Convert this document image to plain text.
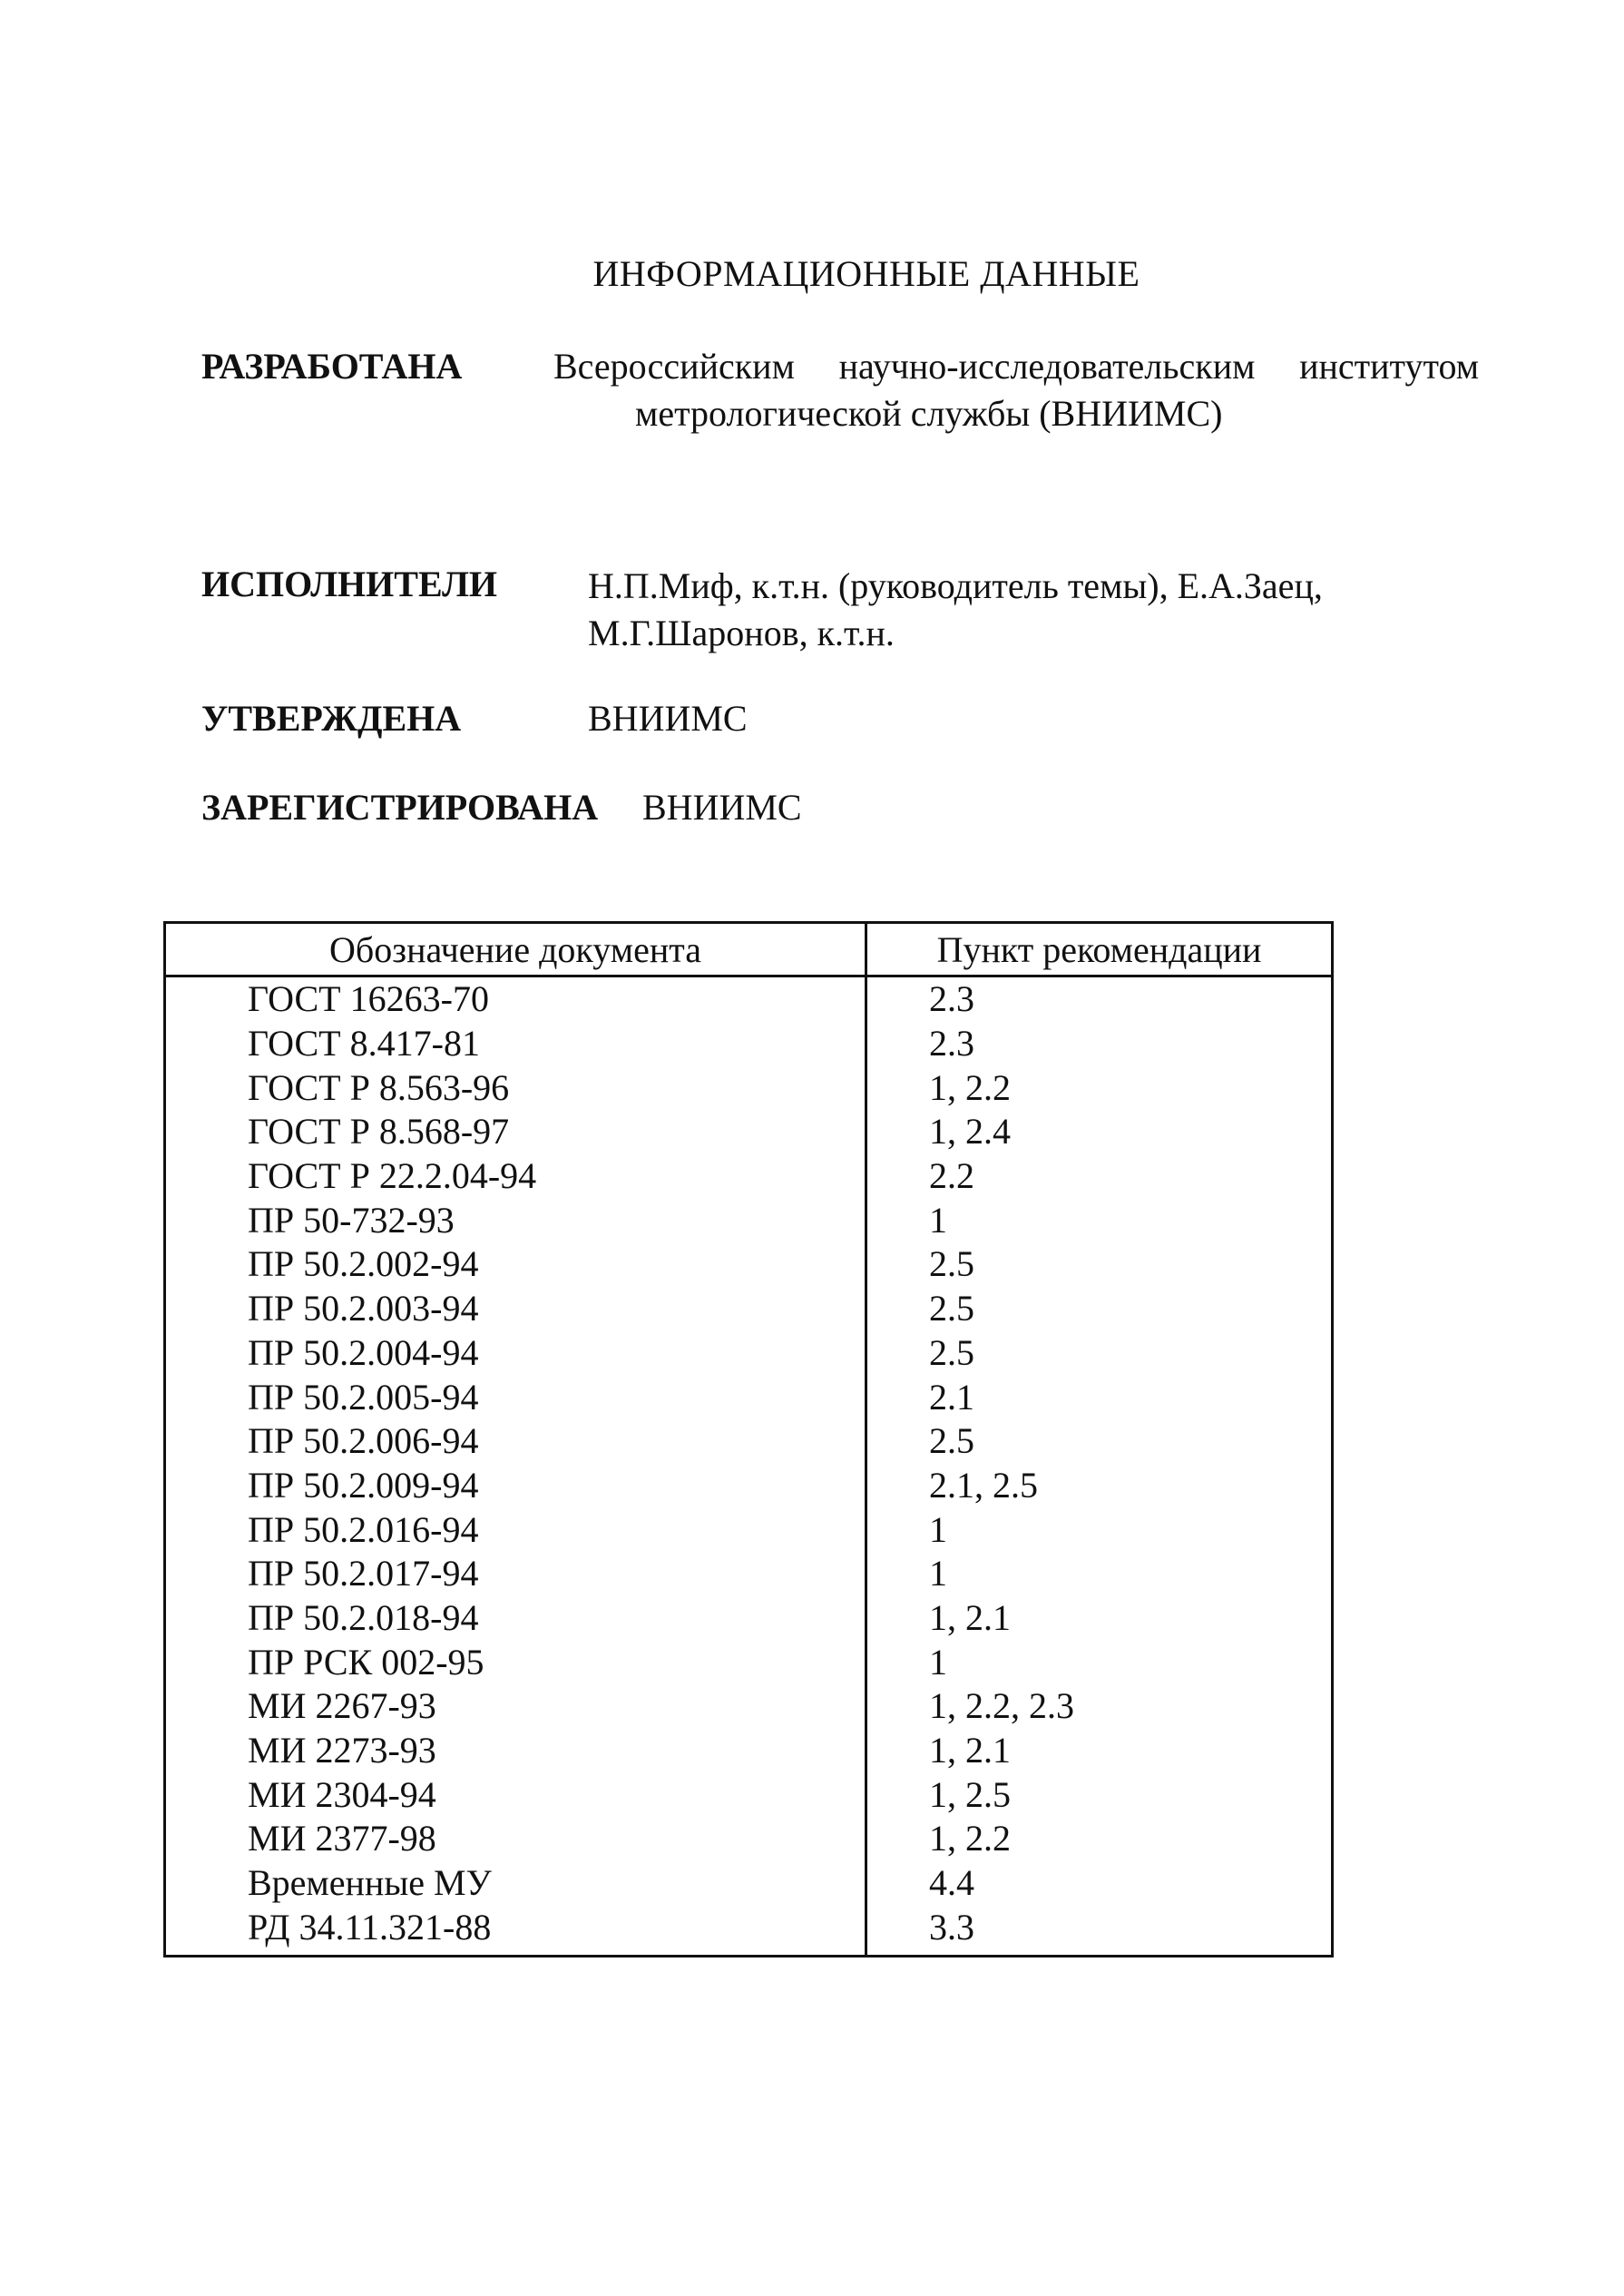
ИНФОРМАЦИОННЫЕ ДАННЫЕ
РАЗРАБОТАНА	Всероссийским научно-исследовательским институтом
метрологической службы (ВНИИМС)
ИСПОЛНИТЕЛИ Н.П.Миф, к.т.н. (руководитель темы), Е.А.Заец,
М.Г.Шаронов, к.т.н.
УТВЕРЖДЕНА	ВНИИМС
ЗАРЕГИСТРИРОВАНА ВНИИМС
Обозначение документа	Пункт рекомендации
ГОСТ 16263-70	2.3
ГОСТ 8.417-81	2.3
ГОСТ Р 8.563-96	1, 2.2
ГОСТ Р 8.568-97	1, 2.4
ГОСТ Р 22.2.04-94	2.2
ПР 50-732-93	1
ПР 50.2.002-94	2.5
ПР 50.2.003-94	2.5
ПР 50.2.004-94	2.5
ПР 50.2.005-94	2.1
ПР 50.2.006-94	2.5
ПР 50.2.009-94	2.1, 2.5
ПР 50.2.016-94	1
ПР 50.2.017-94	1
ПР 50.2.018-94	1, 2.1
ПР РСК 002-95	1
МИ 2267-93	1, 2.2, 2.3
МИ 2273-93	1, 2.1
МИ 2304-94	1, 2.5
МИ 2377-98	1, 2.2
Временные МУ	4.4
РД 34.11.321-88	3.3
